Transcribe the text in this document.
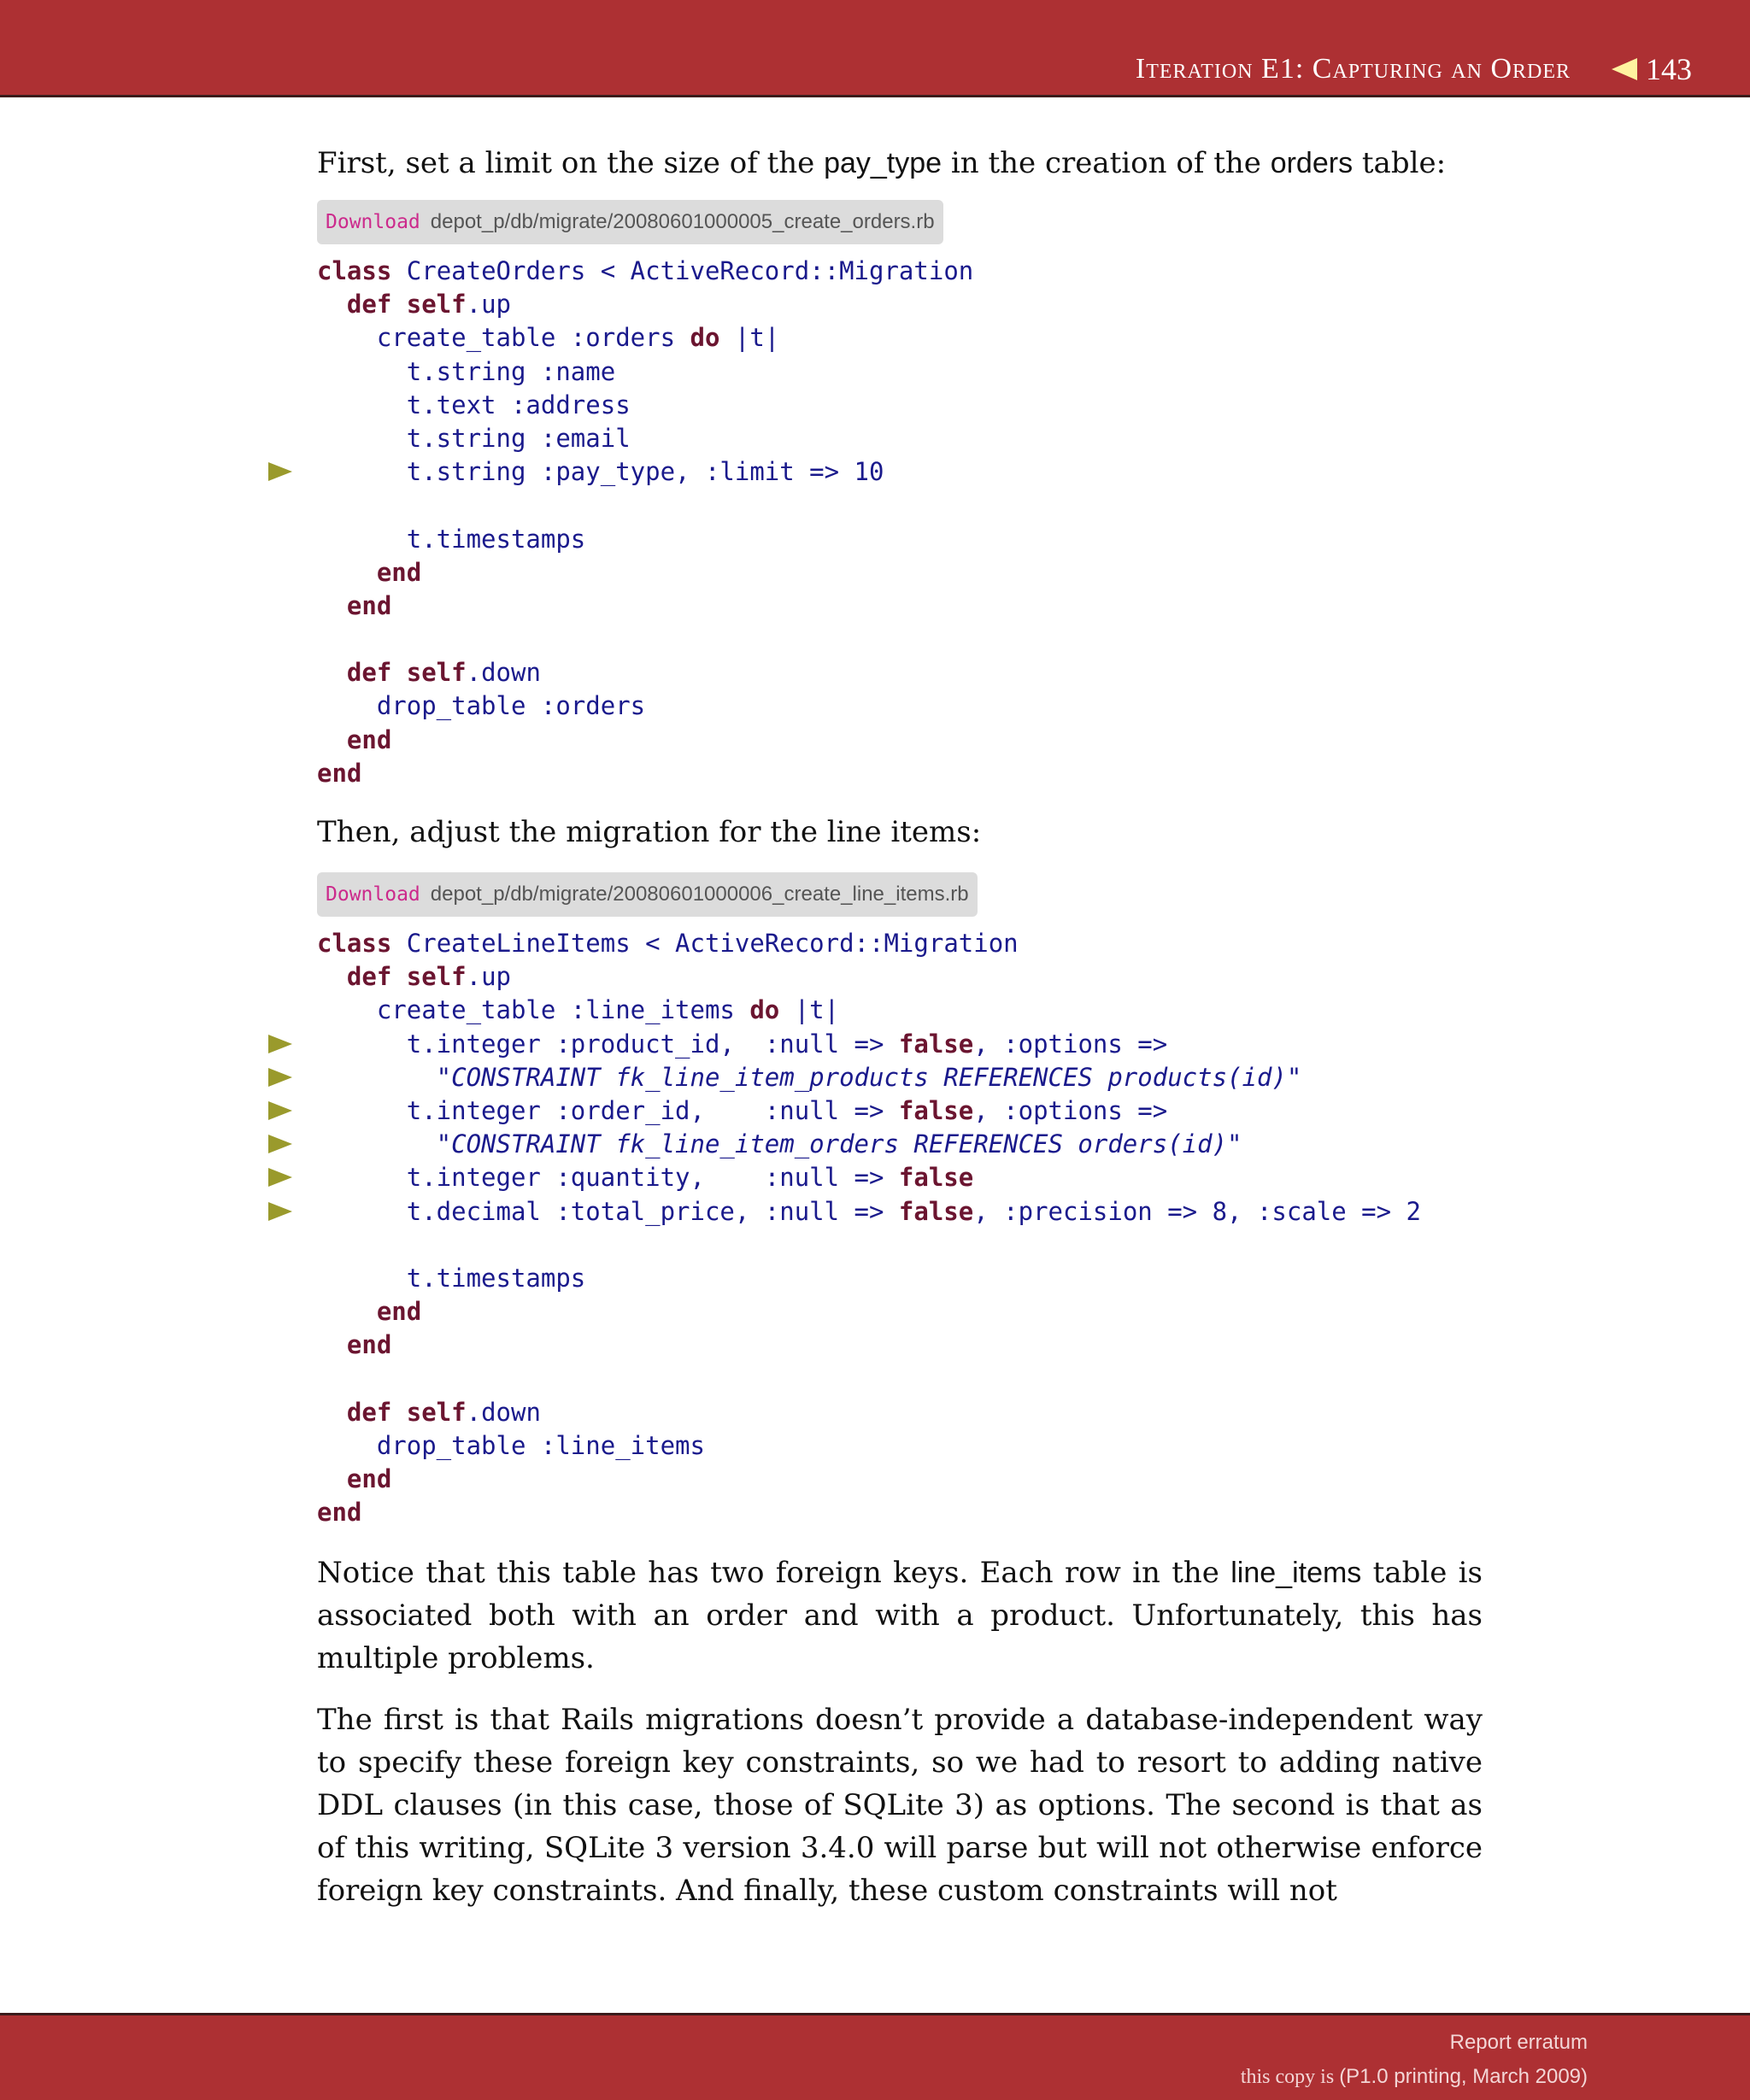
Iteration E1: Capturing an Order 143

First, set a limit on the size of the pay_type in the creation of the orders table:

Download depot_p/db/migrate/20080601000005_create_orders.rb
class CreateOrders < ActiveRecord::Migration
def self.up
create_table :orders do |t|
t.string :name
t.text :address
t.string :email
t.string :pay_type, :limit => 10
t.timestamps
end
end
def self.down
drop_table :orders
end
end

Then, adjust the migration for the line items:

Download depot_p/db/migrate/20080601000006_create_line_items.rb
class CreateLineItems < ActiveRecord::Migration
def self.up
create_table :line_items do |t|
t.integer :product_id,  :null => false, :options =>
"CONSTRAINT fk_line_item_products REFERENCES products(id)"
t.integer :order_id,    :null => false, :options =>
"CONSTRAINT fk_line_item_orders REFERENCES orders(id)"
t.integer :quantity,    :null => false
t.decimal :total_price, :null => false, :precision => 8, :scale => 2
t.timestamps
end
end
def self.down
drop_table :line_items
end
end

Notice that this table has two foreign keys. Each row in the line_items table is associated both with an order and with a product. Unfortunately, this has multiple problems.

The first is that Rails migrations doesn’t provide a database-independent way to specify these foreign key constraints, so we had to resort to adding native DDL clauses (in this case, those of SQLite 3) as options. The second is that as of this writing, SQLite 3 version 3.4.0 will parse but will not otherwise enforce foreign key constraints. And finally, these custom constraints will not

Report erratum
this copy is (P1.0 printing, March 2009)
